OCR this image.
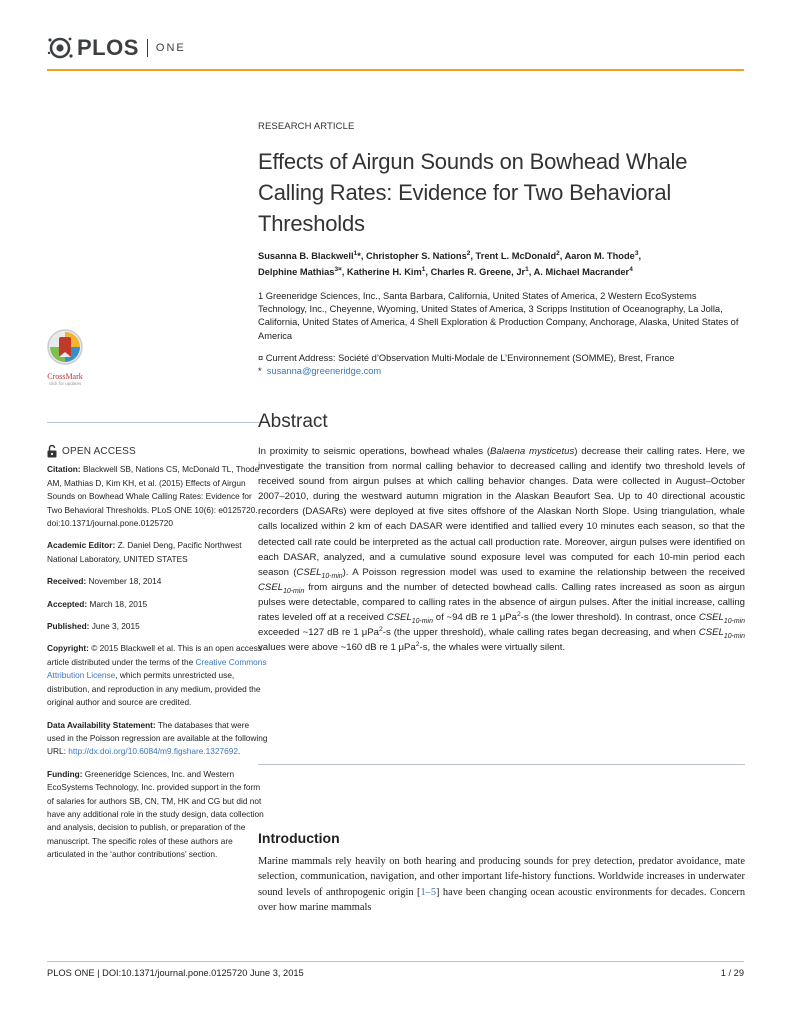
PLOS ONE
CrossMark
click for updates
OPEN ACCESS
Citation: Blackwell SB, Nations CS, McDonald TL, Thode AM, Mathias D, Kim KH, et al. (2015) Effects of Airgun Sounds on Bowhead Whale Calling Rates: Evidence for Two Behavioral Thresholds. PLoS ONE 10(6): e0125720. doi:10.1371/journal.pone.0125720
Academic Editor: Z. Daniel Deng, Pacific Northwest National Laboratory, UNITED STATES
Received: November 18, 2014
Accepted: March 18, 2015
Published: June 3, 2015
Copyright: © 2015 Blackwell et al. This is an open access article distributed under the terms of the Creative Commons Attribution License, which permits unrestricted use, distribution, and reproduction in any medium, provided the original author and source are credited.
Data Availability Statement: The databases that were used in the Poisson regression are available at the following URL: http://dx.doi.org/10.6084/m9.figshare.1327692.
Funding: Greeneridge Sciences, Inc. and Western EcoSystems Technology, Inc. provided support in the form of salaries for authors SB, CN, TM, HK and CG but did not have any additional role in the study design, data collection and analysis, decision to publish, or preparation of the manuscript. The specific roles of these authors are articulated in the ‘author contributions’ section.
RESEARCH ARTICLE
Effects of Airgun Sounds on Bowhead Whale
Calling Rates: Evidence for Two Behavioral
Thresholds
Susanna B. Blackwell$^1$*, Christopher S. Nations$^2$, Trent L. McDonald$^2$, Aaron M. Thode$^3$,
Delphine Mathias$^{3¤}$, Katherine H. Kim$^1$, Charles R. Greene, Jr$^1$, A. Michael Macrander$^4$
1 Greeneridge Sciences, Inc., Santa Barbara, California, United States of America, 2 Western EcoSystems Technology, Inc., Cheyenne, Wyoming, United States of America, 3 Scripps Institution of Oceanography, La Jolla, California, United States of America, 4 Shell Exploration & Production Company, Anchorage, Alaska, United States of America
¤ Current Address: Société d’Observation Multi-Modale de L’Environnement (SOMME), Brest, France
* susanna@greeneridge.com
Abstract
In proximity to seismic operations, bowhead whales (Balaena mysticetus) decrease their calling rates. Here, we investigate the transition from normal calling behavior to decreased calling and identify two threshold levels of received sound from airgun pulses at which calling behavior changes. Data were collected in August–October 2007–2010, during the westward autumn migration in the Alaskan Beaufort Sea. Up to 40 directional acoustic recorders (DASARs) were deployed at five sites offshore of the Alaskan North Slope. Using triangulation, whale calls localized within 2 km of each DASAR were identified and tallied every 10 minutes each season, so that the detected call rate could be interpreted as the actual call production rate. Moreover, airgun pulses were identified on each DASAR, analyzed, and a cumulative sound exposure level was computed for each 10-min period each season $(CSEL_{10-min})$. A Poisson regression model was used to examine the relationship between the received $CSEL_{10-min}$ from airguns and the number of detected bowhead calls. Calling rates increased as soon as airgun pulses were detectable, compared to calling rates in the absence of airgun pulses. After the initial increase, calling rates leveled off at a received $CSEL_{10-min}$ of ~94 dB re 1 μPa$^2$-s (the lower threshold). In contrast, once $CSEL_{10-min}$ exceeded ~127 dB re 1 μPa$^2$-s (the upper threshold), whale calling rates began decreasing, and when $CSEL_{10-min}$ values were above ~160 dB re 1 μPa$^2$-s, the whales were virtually silent.
Introduction
Marine mammals rely heavily on both hearing and producing sounds for prey detection, predator avoidance, mate selection, communication, navigation, and other important life-history functions. Worldwide increases in underwater sound levels of anthropogenic origin [1–5] have been changing ocean acoustic environments for decades. Concern over how marine mammals
PLOS ONE | DOI:10.1371/journal.pone.0125720 June 3, 2015	1 / 29
